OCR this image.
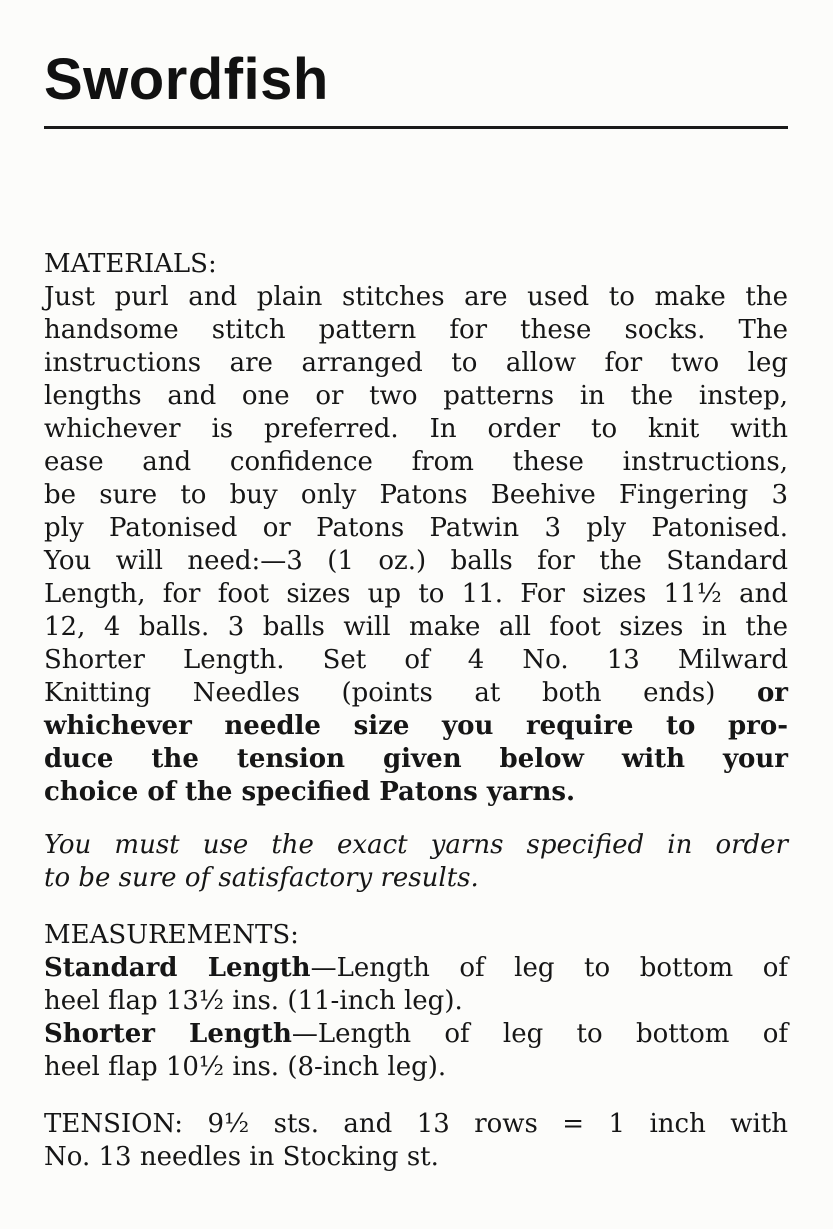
Swordfish
MATERIALS:
Just purl and plain stitches are used to make the
handsome stitch pattern for these socks. The
instructions are arranged to allow for two leg
lengths and one or two patterns in the instep,
whichever is preferred. In order to knit with
ease and confidence from these instructions,
be sure to buy only Patons Beehive Fingering 3
ply Patonised or Patons Patwin 3 ply Patonised.
You will need:—3 (1 oz.) balls for the Standard
Length, for foot sizes up to 11. For sizes 11½ and
12, 4 balls. 3 balls will make all foot sizes in the
Shorter Length. Set of 4 No. 13 Milward
Knitting Needles (points at both ends) or
whichever needle size you require to pro-
duce the tension given below with your
choice of the specified Patons yarns.
You must use the exact yarns specified in order
to be sure of satisfactory results.
MEASUREMENTS:
Standard Length—Length of leg to bottom of
heel flap 13½ ins. (11-inch leg).
Shorter Length—Length of leg to bottom of
heel flap 10½ ins. (8-inch leg).
TENSION: 9½ sts. and 13 rows = 1 inch with
No. 13 needles in Stocking st.
